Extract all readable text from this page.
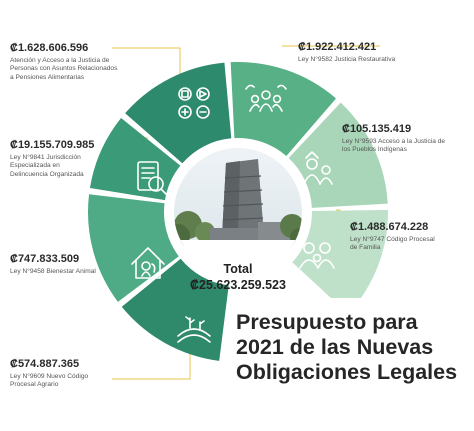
Total
₡25.623.259.523
₡1.628.606.596
Atención y Acceso a la Justicia de
Personas con Asuntos Relacionados
a Pensiones Alimentarias
₡19.155.709.985
Ley N°9841 Jurisdicción
Especializada en
Delincuencia Organizada
₡747.833.509
Ley N°9458 Bienestar Animal
₡574.887.365
Ley N°9609 Nuevo Código
Procesal Agrario
₡1.922.412.421
Ley N°9582 Justicia Restaurativa
₡105.135.419
Ley N°9593 Acceso a la Justicia de
los Pueblos Indígenas
₡1.488.674.228
Ley N°9747 Código Procesal
de Familia
Presupuesto para
2021 de las Nuevas
Obligaciones Legales
